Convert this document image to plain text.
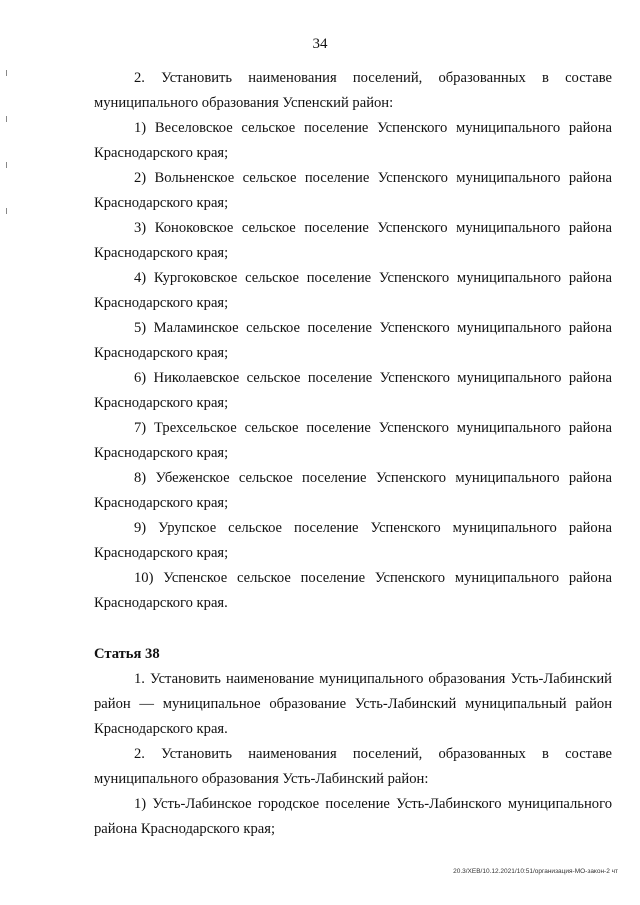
34

2. Установить наименования поселений, образованных в составе муниципального образования Успенский район:

1) Веселовское сельское поселение Успенского муниципального района Краснодарского края;

2) Вольненское сельское поселение Успенского муниципального района Краснодарского края;

3) Коноковское сельское поселение Успенского муниципального района Краснодарского края;

4) Кургоковское сельское поселение Успенского муниципального района Краснодарского края;

5) Маламинское сельское поселение Успенского муниципального района Краснодарского края;

6) Николаевское сельское поселение Успенского муниципального района Краснодарского края;

7) Трехсельское сельское поселение Успенского муниципального района Краснодарского края;

8) Убеженское сельское поселение Успенского муниципального района Краснодарского края;

9) Урупское сельское поселение Успенского муниципального района Краснодарского края;

10) Успенское сельское поселение Успенского муниципального района Краснодарского края.

Статья 38

1. Установить наименование муниципального образования Усть-Лабинский район — муниципальное образование Усть-Лабинский муниципальный район Краснодарского края.

2. Установить наименования поселений, образованных в составе муниципального образования Усть-Лабинский район:

1) Усть-Лабинское городское поселение Усть-Лабинского муниципального района Краснодарского края;

20.3/ХЕВ/10.12.2021/10:51/организация-МО-закон-2 чт
